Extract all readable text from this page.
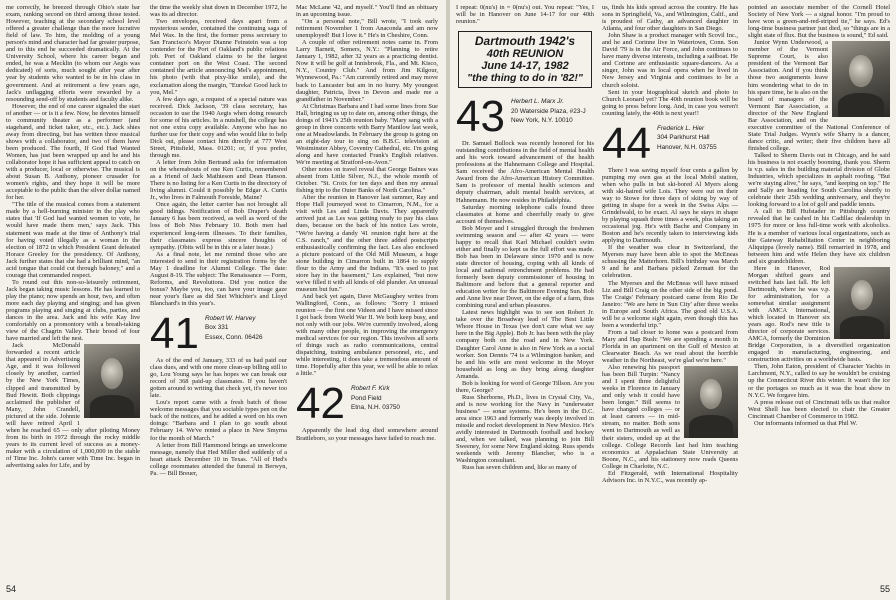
me correctly, he breezed through Ohio's state bar exam, ranking second on third among those tested. However, teaching at the secondary school level offered a greater challenge than the more lucrative field of law. To him, the molding of a young person's mind and character had far greater purpose, and to this end he succeeded dramatically. At the University School, where his career began and ended, he was a Mecklin (to whom our Aegis was dedicated) of sorts, much sought after year after year by students who wanted to be in his class in government. And at retirement a few years ago, Jack's unflagging efforts were rewarded by a resounding send-off by students and faculty alike.

However, the end of one career signaled the start of another — or is it a few. Now, he devotes himself to community theater as a performer (and stagehand, and ticket taker, etc., etc.). Jack shies away from directing, but has written three musical shows with a collaborator, and two of them have been produced. The fourth, If God Had Wanted Women, has just been wrapped up and he and his collaborator hope it has sufficient appeal to catch on with a producer, local or otherwise. The musical is about Susan B. Anthony, pioneer crusader for women's rights, and they hope it will be more acceptable to the public than the silver dollar named for her.

"The title of the musical comes from a statement made by a hell-burning minister in the play who states that 'If God had wanted women to vote, he would have made them men,' says Jack. This statement was made at the time of Anthony's trial for having voted illegally as a woman in the election of 1872 in which President Grant defeated Horace Greeley for the presidency. Of Anthony, Jack further states that she had a brilliant mind, "an acid tongue that could cut through baloney," and a courage that commanded respect.

To round out this non-so-leisurely retirement, Jack began taking music lessons. He has learned to play the piano; now spends an hour, two, and often more each day playing and singing; and has given programs playing and singing at clubs, parties, and dances in the area. Jack and his wife Kay live comfortably on a promontory with a breath-taking view of the Chagrin Valley. Their brood of four have married and left the nest.

Jack McDonald forwarded a recent article that appeared in Advertising Age, and it was followed closely by another, carried by the New York Times, clipped and transmitted by Bud Hewitt. Both clippings acclaimed the publisher of Many, John Crandell, pictured at the side. Johnnie will have retired April 1 when he reached 65 — only after piloting Money from its birth in 1972 through the rocky middle years to its current level of success as a money-maker with a circulation of 1,000,000 in the stable of Time Inc. John's career with Time Inc. began in advertising sales for Life, and by

the time the weekly shut down in December 1972, he was its ad director.

Two envelopes, received days apart from a mysterious sender, contained the continuing saga of Mel Wax. In the first, the former press secretary to San Francisco's Mayor Dianne Feinstein was a top contender for the Port of Oakland's public relations job. Port of Oakland claims to be the largest container port on the West Coast. The second contained the article announcing Mel's appointment, his photo (with that pixy-like smile), and the exclamation along the margin, "Eureka! Good luck to you, Mel."

A few days ago, a request of a special nature was received. Dick Jackson, '39 class secretary, has occasion to use the 1940 Aegis when doing research for some of his articles. In a nutshell, the college has not one extra copy available. Anyone who has no further use for their copy and who would like to help Dick out, please contact him directly at 777 West Street, Pittsfield, Mass. 01201; or, if you prefer, through me.

A letter from John Bertrand asks for information on the whereabouts of one Ken Curtis, remembered as a friend of Jack Mathieson and Dean Hanson. There is no listing for a Ken Curtis in the directory of living alumni. Could it possibly be Edgar A. Curtis Jr., who lives in Falmouth Foreside, Maine?

Once again, the letter carrier has not brought all good tidings. Notification of Bob Draper's death January 6 has been received, as well as word of the loss of Bob Niss February 10. Both men had experienced long-term illnesses. To their families, their classmates express sincere thoughts of sympathy. (Obits will be in this or a later issue.)

As a final note, let me remind those who are interested to send in their registration forms by the May 1 deadline for Alumni College. The date: August 8-19. The subject: The Renaissance — Form, Reforms, and Revolutions. Did you notice the bonus? Maybe you, too, can have your image gaze near your's flare as did Stet Whichter's and Lloyd Blanchard's in this year's.

41 Robert W. Harvey
Box 331
Essex, Conn. 06426

As of the end of January, 333 of us had paid our class dues, and with one more clean-up billing still to go, Lou Young says he has hopes we can break our record of 368 paid-up classmates. If you haven't gotten around to writing that check yet, it's never too late.

Lou's report came with a fresh batch of those welcome messages that you sociable types pen on the back of the notices, and he added a word on his own doings: "Barbara and I plan to go south about February 14. We've rented a place in New Smyrna for the month of March."

A letter from Bill Hammond brings an unwelcome message, namely that Hed Miller died suddenly of a heart attack December 10 in Texas. "All of Hed's college roommates attended the funeral in Berwyn, Pa. — Bill Breuer,

Mac McLane '42, and myself." You'll find an obituary in an upcoming issue.

"On a personal note," Bill wrote, "I took early retirement November 1 from Anaconda and am now unemployed! But I love it." He's in Cheshire, Conn.

A couple of other retirement notes came in. From Larry Barnett, Somers, N.Y.: "Planning to retire January 1, 1982, after 32 years as a practicing dentist. Now it will be golf at Innisbrook, Fla., and Mt. Kisco, N.Y., Country Club." And from Jim Kilgour, Wynnewood, Pa.: "Am currently retired and may move back to Lancaster but am in no hurry. My youngest daughter, Patricia, lives in Devon and made me a grandfather in November."

At Christmas Barbara and I had some lines from Sue Hall, bringing us up to date on, among other things, the doings of 1941's 25th reunion baby. "Mary sang with a group in three concerts with Barry Manilow last week, one at Meadowlands. In February the group is going on an eight-day tour to sing on B.B.C. television at Westminster Abbey, Coventry Cathedral, etc. I'm going along and have contacted Frank's English relatives. We're meeting at Stratford-on-Avon."

Other notes on travel reveal that George Baines was absent from Little Silver, N.J., the whole month of October. "St. Croix for ten days and then my annual fishing trip to the Outer Banks of North Carolina."

After the reunion in Hanover last summer, Ray and Hope Hall journeyed west to Cimarron, N.M., for a visit with Les and Linda Davis. They apparently arrived just as Les was getting ready to pay his class dues, because on the back of his notice Les wrote, "We're having a dandy '41 reunion right here at the C.S. ranch," and the other three added postscripts enthusiastically confirming the fact. Les also enclosed a picture postcard of the Old Mill Museum, a huge stone building in Cimarron built in 1864 to supply flour to the Army and the Indians. "It's used to just store hay in the basement," Les explained, "but now we've filled it with all kinds of old plunder. An unusual museum but fun."

And back yet again, Dave McGaughey writes from Wallingford, Conn., as follows: "Sorry I missed reunion — the first one Videen and I have missed since I got back from World War II. We both keep busy, and not only with our jobs. We're currently involved, along with many other people, in improving the emergency medical services for our region. This involves all sorts of things such as radio communications, central dispatching, training ambulance personnel, etc., and while interesting, it does take a tremendous amount of time. Hopefully after this year, we will be able to relax a little."

42 Robert F. Kirk
Pond Field
Etna, N.H. 03750

Apparently the lead dog died somewhere around Brattleboro, so your messages have failed to reach me.

54

I repeat: 0(nu's) in = 0(nu's) out. You repeat: "Yes, I will be in Hanover on June 14-17 for our 40th reunion."

Dartmouth 1942's
40th REUNION
June 14-17, 1982
"the thing to do in '82!"
43 Herbert L. Marx Jr.
20 Waterside Plaza, #23-J
New York, N.Y. 10010

Dr. Samuel Bullock was recently honored for his outstanding contributions in the field of mental health and his work toward advancement of the health professions at the Hahnemann College and Hospital. Sam received the Afro-American Mental Health Award from the Afro-American History Committee. Sam is professor of mental health sciences and deputy chairman, adult mental health services, at Hahnemann. He now resides in Philadelphia.

Saturday morning telephone calls found three classmates at home and cheerfully ready to give account of themselves.

Bob Moyer and I struggled through the freshmen swimming season and — after 42 years — were happy to recall that Karl Michael couldn't swim either and finally so kept us the full effort was made. Bob has been in Delaware since 1970 and is now state director of housing, coping with all kinds of local and national retrenchment problems. He had formerly been deputy commissioner of housing in Baltimore and before that a general reporter and education writer for the Baltimore Evening Sun. Bob and Anne live near Dover, on the edge of a farm, thus combining rural and urban pleasures.

Latest news highlight was to see son Robert Jr. take over the Broadway lead of The Best Little Whore House in Texas (we don't care what we say here in the Big Apple). Bob Jr. has been with the play company both on the road and in New York. Daughter Carol Anne is also in New York as a social worker. Son Dennis '74 is a Wilmington banker, and he and his wife are most welcome in the Moyer household as long as they bring along daughter Amanda.

Bob is looking for word of George Tillson. Are you there, George?

Russ Sherborne, Ph.D., lives in Crystal City, Va., and is now working for the Navy in "underwater business" — sonar systems. He's been in the D.C. area since 1963 and formerly was deeply involved in missile and rocket development in New Mexico. He's avidly interested in Dartmouth football and hockey and, when we talked, was planning to join Bill Sweeney, for some New England skiing. Russ spends weekends with Jeremy Blancher, who is a Washington consultant.

Russ has seven children and, like so many of

us, finds his kids spread across the country. He has sons in Springfield, Va., and Wilmington, Calif., and is proudest of Cathy, an advanced daughter in Atlanta, and four other daughters in San Diego.

John Shaw is a product manager with Scovil Inc., and he and Corinne live in Watertown, Conn. Son David '79 is in the Air Force, and John continues to have many diverse interests, including a sailboat. He and Corinne are enthusiastic square-dancers. As a singer, John was in local opera when he lived in New Jersey and Virginia and continues to be a church soloist.

Sent in your biographical sketch and photo to Church Leonard yet? The 40th reunion book will be going to press before long. And, in case you weren't counting lately, the 40th is next year!!

44 Frederick L. Hier
304 Parkhurst Hall
Hanover, N.H. 03755

There I was saving myself four cents a gallon by pumping my own gas at the local Mobil station, when who pulls in but ski-bored Al Myers along with ski-haired wife Lois. They were out on their way to Stowe for three days of skiing by way of getting in shape for a week in the Swiss Alps — Grindelwald, to be exact. Al says he stays in shape by playing squash three times a week, plus taking an occasional jog. He's with Bache and Company in Boston and he's recently taken to interviewing kids applying to Dartmouth.

If the weather was clear in Switzerland, the Myerses may have been able to spot the McEneas schussing the Matterhorn. Bill's birthday was March 9 and he and Barbara picked Zermatt for the celebration.

The Myerses and the McEneas will have missed Liz and Bill Craig on the other side of the big pond. The Craigs' February postcard came from Rio De Janeiro: "We are here in 'Sun City' after three weeks in Europe and South Africa. The good old U.S.A. will be a welcome sight again, even though this has been a wonderful trip."

From a tad closer to home was a postcard from Mary and Hap Bush: "We are spending a month in Florida in an apartment on the Gulf of Mexico at Clearwater Beach. As we read about the horrible weather in the Northeast, we're glad we're here."

Also renewing his passport has been Bill Turpin: "Nancy and I spent three delightful weeks in Florence in January and only wish it could have been longer." Bill seems to have changed colleges — or at least careers — in mid-stream, no matter. Both sons went to Dartmouth as well as their sisters, ended up at the college. College Records last had him teaching economics at Appalachian State University at Boone, N.C., and his stationery now reads Queens College in Charlotte, N.C.

Ed Fitzgerald, with International Hospitality Advisors Inc. in N.Y.C., was recently ap-

pointed an associate member of the Cornell Hotel Society of New York — a signal honor. "I'm proud to have won a green-and-red-striped tie," he says. Ed's long-time business partner just died, so "things are in a slight state of flux. But the business is sound," Ed said.

Junior Wynn Underwood, a member of the Vermont Supreme Court, is also president of the Vermont Bar Association. And if you think those two assignments leave him wondering what to do in his spare time, he is also on the board of managers of the Vermont Bar Association, a director of the New England Bar Association, and on the executive committee of the National Conference of State Trial Judges. Wynn's wife Sharry is a dancer, dance critic, and writer; their five children have all finished college.

Talked to Sherm Davis out in Chicago, and he said his business is not exactly booming, thank you. Sherm is v.p. sales in the building material division of Globe Industries, which specializes in asphalt roofing. "But we're staying alive," he says, "and keeping on top." He and Sally are heading for South Carolina shortly to celebrate their 25th wedding anniversary, and they're looking forward to a lot of golf and paddle tennis.

A call to Bill Hufstader in Pittsburgh country revealed that he cashed in his Cadillac dealership in 1975 for more or less full-time work with alcoholics. He is a member of various local organizations, such as the Gateway Rehabilitation Center in neighboring Aliquippa (lovely name). Bill remarried in 1978, and between him and wife Helen they have six children and six grandchildren.

Here in Hanover, Rod Morgan shifted gears and switched hats last fall. He left Dartmouth, where he was v.p. for administration, for a somewhat similar assignment with AMCA International, which located in Hanover six years ago. Rod's new title is director of corporate services. AMCA, formerly the Dominion Bridge Corporation, is a diversified organization engaged in manufacturing, engineering, and construction activities on a worldwide basis.

Then, John Eaton, president of Character Yachts in Larchmont, N.Y., called to say he wouldn't be cruising up the Connecticut River this winter. It wasn't the ice or the portages so much as it was the boat show in N.Y.C. We forgave him.

A press release out of Cincinnati tells us that realtor West Shell has been elected to chair the Greater Cincinnati Chamber of Commerce in 1982.

Our informants informed us that Phil W.

55
